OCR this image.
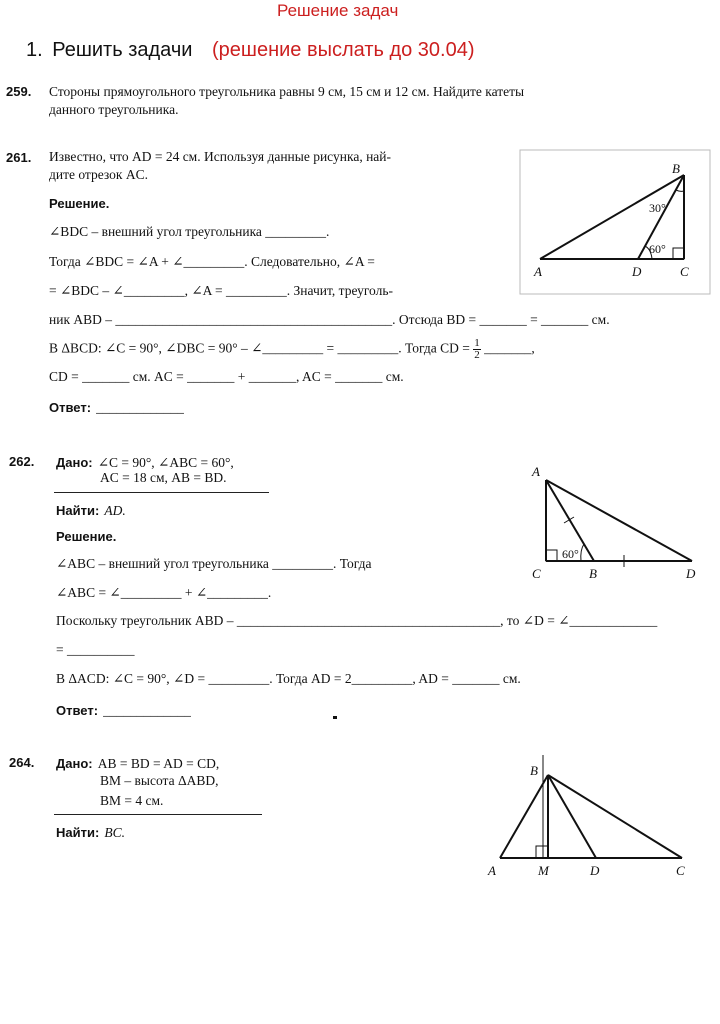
Решение задач
1. Решить задачи (решение выслать до 30.04)
259. Стороны прямоугольного треугольника равны 9 см, 15 см и 12 см. Найдите катеты
данного треугольника.
261. Известно, что AD = 24 см. Используя данные рисунка, най-
дите отрезок AC.
Решение.
∠BDC – внешний угол треугольника _________.
Тогда ∠BDC = ∠A + ∠_________. Следовательно, ∠A =
= ∠BDC – ∠_________, ∠A = _________. Значит, треуголь-
ник ABD – _________________________________________. Отсюда BD = _______ = _______ см.
В ΔBCD: ∠C = 90°, ∠DBC = 90° – ∠_________ = _________. Тогда CD = $\frac{1}{2}$ _______,
CD = _______ см. AC = _______ + _______, AC = _______ см.
Ответ: _____________
B
30°
60°
A	D	C
262. Дано: ∠C = 90°, ∠ABC = 60°,
AC = 18 см, AB = BD.
Найти: AD.
Решение.
∠ABC – внешний угол треугольника _________. Тогда
∠ABC = ∠_________ + ∠_________.
Поскольку треугольник ABD – _______________________________________, то ∠D = ∠_____________
= __________
В ΔACD: ∠C = 90°, ∠D = _________. Тогда AD = 2_________, AD = _______ см.
Ответ: _____________
A
60°
C	B	D
264. Дано: AB = BD = AD = CD,
BM – высота ΔABD,
BM = 4 см.
Найти: BC.
B
A	M	D	C
